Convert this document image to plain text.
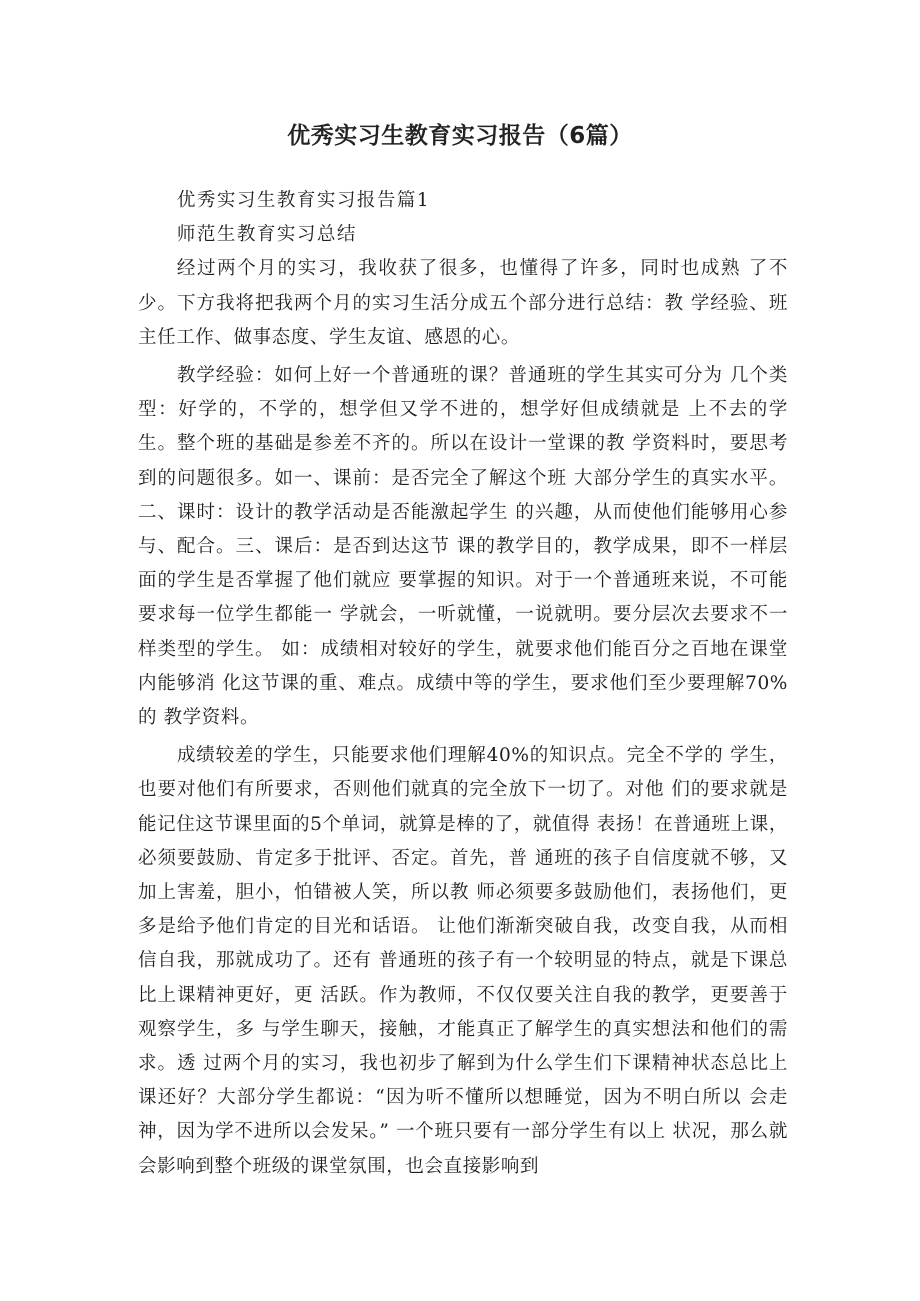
优秀实习生教育实习报告（6篇）

优秀实习生教育实习报告篇1

师范生教育实习总结

经过两个月的实习，我收获了很多，也懂得了许多，同时也成熟 了不少。下方我将把我两个月的实习生活分成五个部分进行总结：教 学经验、班主任工作、做事态度、学生友谊、感恩的心。

教学经验：如何上好一个普通班的课？普通班的学生其实可分为 几个类型：好学的，不学的，想学但又学不进的，想学好但成绩就是 上不去的学生。整个班的基础是参差不齐的。所以在设计一堂课的教 学资料时，要思考到的问题很多。如一、课前：是否完全了解这个班 大部分学生的真实水平。二、课时：设计的教学活动是否能激起学生 的兴趣，从而使他们能够用心参与、配合。三、课后：是否到达这节 课的教学目的，教学成果，即不一样层面的学生是否掌握了他们就应 要掌握的知识。对于一个普通班来说，不可能要求每一位学生都能一 学就会，一听就懂，一说就明。要分层次去要求不一样类型的学生。 如：成绩相对较好的学生，就要求他们能百分之百地在课堂内能够消 化这节课的重、难点。成绩中等的学生，要求他们至少要理解70%的 教学资料。

成绩较差的学生，只能要求他们理解40%的知识点。完全不学的 学生，也要对他们有所要求，否则他们就真的完全放下一切了。对他 们的要求就是能记住这节课里面的5个单词，就算是棒的了，就值得 表扬！在普通班上课，必须要鼓励、肯定多于批评、否定。首先，普 通班的孩子自信度就不够，又加上害羞，胆小，怕错被人笑，所以教 师必须要多鼓励他们，表扬他们，更多是给予他们肯定的目光和话语。 让他们渐渐突破自我，改变自我，从而相信自我，那就成功了。还有 普通班的孩子有一个较明显的特点，就是下课总比上课精神更好，更 活跃。作为教师，不仅仅要关注自我的教学，更要善于观察学生，多 与学生聊天，接触，才能真正了解学生的真实想法和他们的需求。透 过两个月的实习，我也初步了解到为什么学生们下课精神状态总比上 课还好？大部分学生都说：“因为听不懂所以想睡觉，因为不明白所以 会走神，因为学不进所以会发呆。” 一个班只要有一部分学生有以上 状况，那么就会影响到整个班级的课堂氛围，也会直接影响到
